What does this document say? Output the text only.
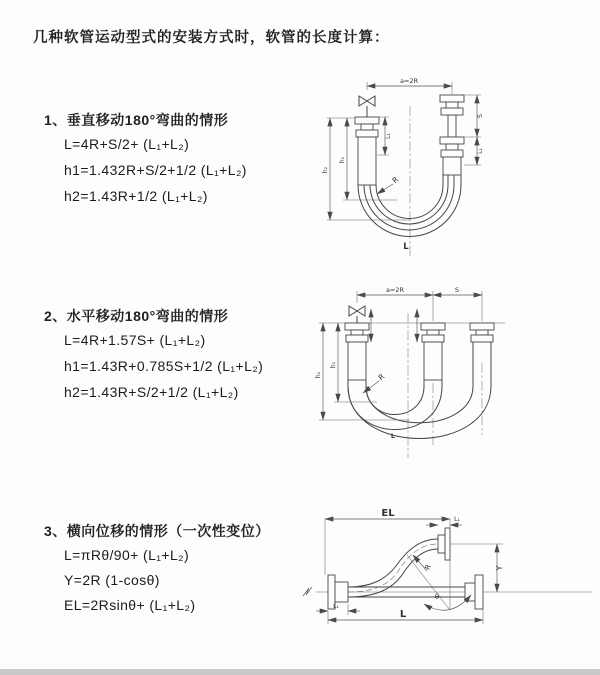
几种软管运动型式的安装方式时，软管的长度计算：
1、垂直移动180°弯曲的情形
L=4R+S/2+ (L₁+L₂)
h1=1.432R+S/2+1/2 (L₁+L₂)
h2=1.43R+1/2 (L₁+L₂)
2、水平移动180°弯曲的情形
L=4R+1.57S+ (L₁+L₂)
h1=1.43R+0.785S+1/2 (L₁+L₂)
h2=1.43R+S/2+1/2 (L₁+L₂)
3、横向位移的情形（一次性变位）
L=πRθ/90+ (L₁+L₂)
Y=2R (1-cosθ)
EL=2Rsinθ+ (L₁+L₂)
a=2R
L₁
S
L₁
h₂
h₁
R
L
a=2R	S
h₂
h₁
R
L
θ
R
EL
L₁
Y
L
L₁
